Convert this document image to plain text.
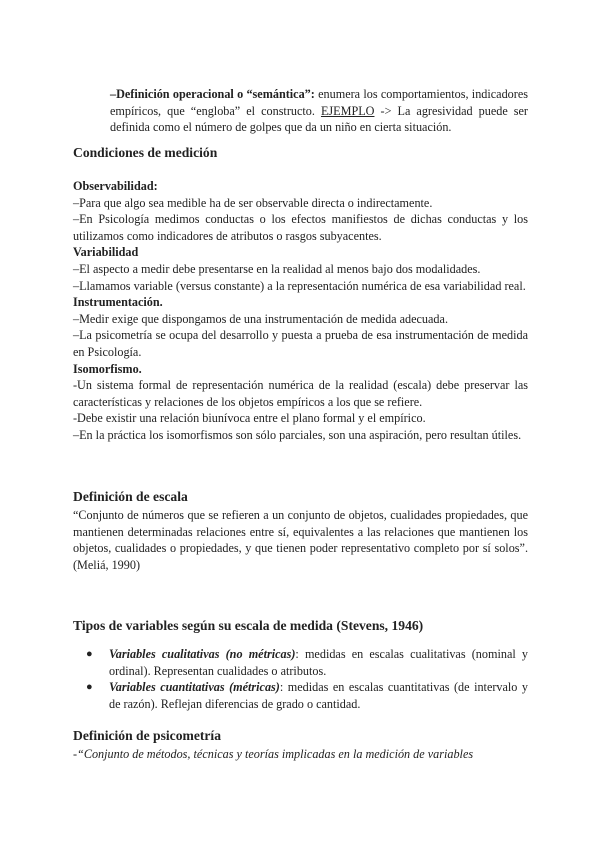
–Definición operacional o “semántica”: enumera los comportamientos, indicadores empíricos, que “engloba” el constructo. EJEMPLO -> La agresividad puede ser definida como el número de golpes que da un niño en cierta situación.

Condiciones de medición

Observabilidad:

–Para que algo sea medible ha de ser observable directa o indirectamente.

–En Psicología medimos conductas o los efectos manifiestos de dichas conductas y los utilizamos como indicadores de atributos o rasgos subyacentes.

Variabilidad

–El aspecto a medir debe presentarse en la realidad al menos bajo dos modalidades.

–Llamamos variable (versus constante) a la representación numérica de esa variabilidad real.

Instrumentación.

–Medir exige que dispongamos de una instrumentación de medida adecuada.

–La psicometría se ocupa del desarrollo y puesta a prueba de esa instrumentación de medida en Psicología.

Isomorfismo.

-Un sistema formal de representación numérica de la realidad (escala) debe preservar las características y relaciones de los objetos empíricos a los que se refiere.

-Debe existir una relación biunívoca entre el plano formal y el empírico.

–En la práctica los isomorfismos son sólo parciales, son una aspiración, pero resultan útiles.

Definición de escala

“Conjunto de números que se refieren a un conjunto de objetos, cualidades propiedades, que mantienen determinadas relaciones entre sí, equivalentes a las relaciones que mantienen los objetos, cualidades o propiedades, y que tienen poder representativo completo por sí solos”. (Meliá, 1990)

Tipos de variables según su escala de medida (Stevens, 1946)
● Variables cualitativas (no métricas): medidas en escalas cualitativas (nominal y ordinal). Representan cualidades o atributos.
● Variables cuantitativas (métricas): medidas en escalas cuantitativas (de intervalo y de razón). Reflejan diferencias de grado o cantidad.
Definición de psicometría

-“Conjunto de métodos, técnicas y teorías implicadas en la medición de variables
